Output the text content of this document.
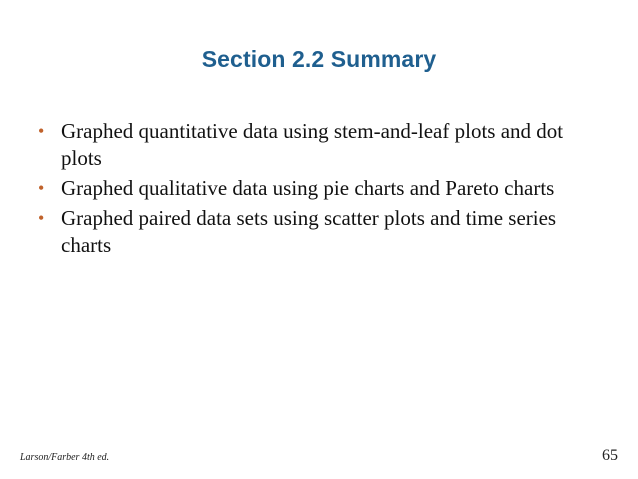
Section 2.2 Summary
• Graphed quantitative data using stem-and-leaf plots and dot plots
• Graphed qualitative data using pie charts and Pareto charts
• Graphed paired data sets using scatter plots and time series charts
Larson/Farber 4th ed.	65
